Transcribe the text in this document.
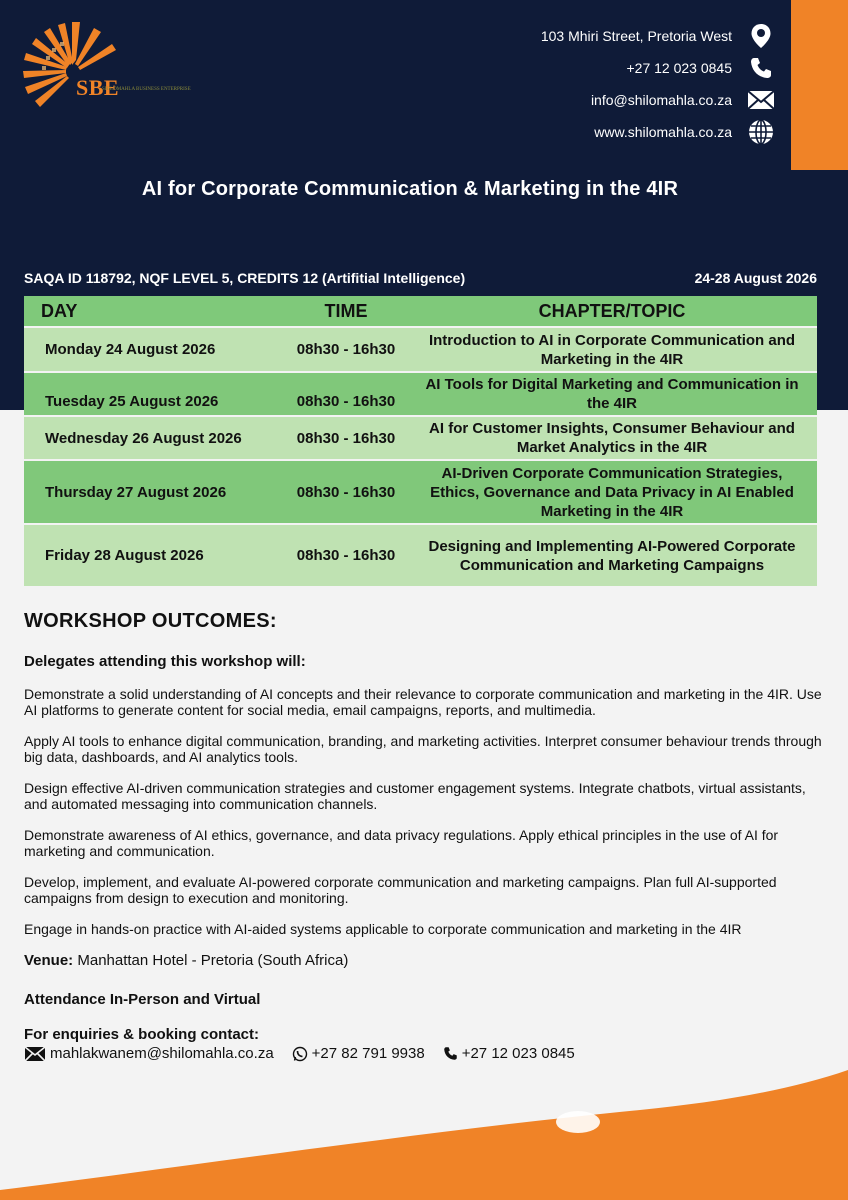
SBE
SHILOMAHLA BUSINESS ENTERPRISE
103 Mhiri Street, Pretoria West
+27 12 023 0845
info@shilomahla.co.za
www.shilomahla.co.za
AI for Corporate Communication & Marketing in the 4IR
SAQA ID 118792, NQF LEVEL 5, CREDITS 12 (Artifitial Intelligence)	24-28 August 2026
DAY	TIME	CHAPTER/TOPIC
Monday 24 August 2026	08h30 - 16h30	Introduction to AI in Corporate Communication and Marketing in the 4IR
Tuesday 25 August 2026	08h30 - 16h30	AI Tools for Digital Marketing and Communication in the 4IR
Wednesday 26 August 2026	08h30 - 16h30	AI for Customer Insights, Consumer Behaviour and Market Analytics in the 4IR
Thursday 27 August 2026	08h30 - 16h30	AI-Driven Corporate Communication Strategies, Ethics, Governance and Data Privacy in AI Enabled Marketing in the 4IR
Friday 28 August 2026	08h30 - 16h30	Designing and Implementing AI-Powered Corporate Communication and Marketing Campaigns
WORKSHOP OUTCOMES:
Delegates attending this workshop will:

Demonstrate a solid understanding of AI concepts and their relevance to corporate communication and marketing in the 4IR. Use AI platforms to generate content for social media, email campaigns, reports, and multimedia.

Apply AI tools to enhance digital communication, branding, and marketing activities. Interpret consumer behaviour trends through big data, dashboards, and AI analytics tools.

Design effective AI-driven communication strategies and customer engagement systems. Integrate chatbots, virtual assistants, and automated messaging into communication channels.

Demonstrate awareness of AI ethics, governance, and data privacy regulations. Apply ethical principles in the use of AI for marketing and communication.

Develop, implement, and evaluate AI-powered corporate communication and marketing campaigns. Plan full AI-supported campaigns from design to execution and monitoring.

Engage in hands-on practice with AI-aided systems applicable to corporate communication and marketing in the 4IR

Venue: Manhattan Hotel - Pretoria (South Africa)
Attendance In-Person and Virtual
For enquiries & booking contact:
mahlakwanem@shilomahla.co.za	+27 82 791 9938 +27 12 023 0845
